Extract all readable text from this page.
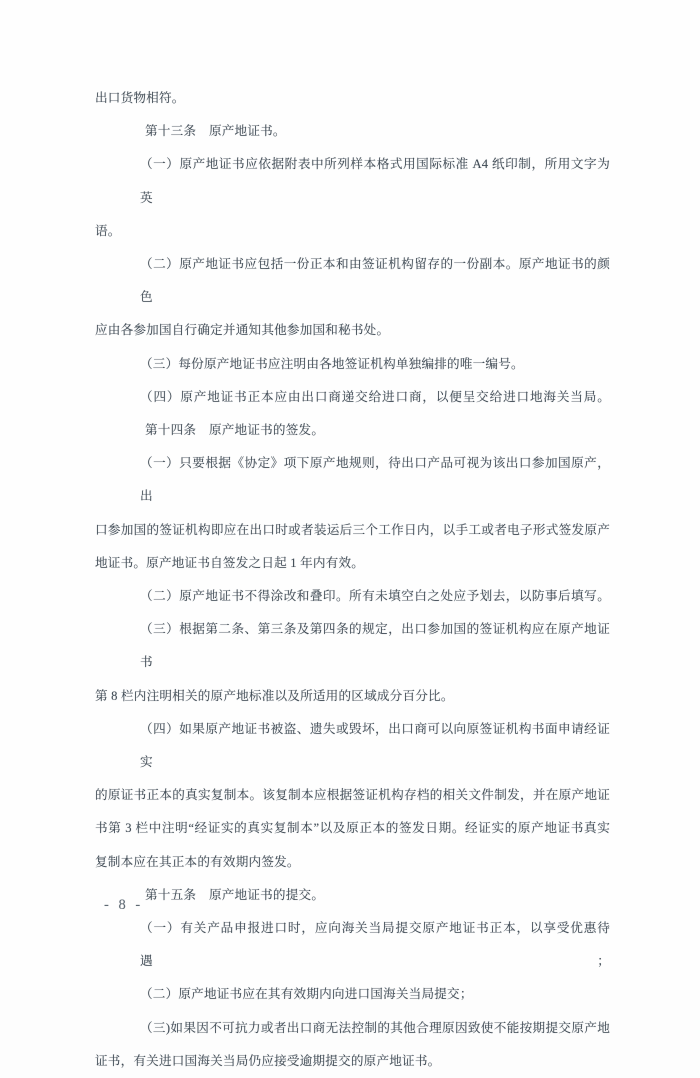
出口货物相符。
第十三条　原产地证书。
（一）原产地证书应依据附表中所列样本格式用国际标准 A4 纸印制，所用文字为英
语。
（二）原产地证书应包括一份正本和由签证机构留存的一份副本。原产地证书的颜色
应由各参加国自行确定并通知其他参加国和秘书处。
（三）每份原产地证书应注明由各地签证机构单独编排的唯一编号。
（四）原产地证书正本应由出口商递交给进口商，以便呈交给进口地海关当局。
第十四条　原产地证书的签发。
（一）只要根据《协定》项下原产地规则，待出口产品可视为该出口参加国原产，出
口参加国的签证机构即应在出口时或者装运后三个工作日内，以手工或者电子形式签发原产
地证书。原产地证书自签发之日起 1 年内有效。
（二）原产地证书不得涂改和叠印。所有未填空白之处应予划去，以防事后填写。
（三）根据第二条、第三条及第四条的规定，出口参加国的签证机构应在原产地证书
第 8 栏内注明相关的原产地标准以及所适用的区域成分百分比。
（四）如果原产地证书被盗、遗失或毁坏，出口商可以向原签证机构书面申请经证实
的原证书正本的真实复制本。该复制本应根据签证机构存档的相关文件制发，并在原产地证
书第 3 栏中注明“经证实的真实复制本”以及原正本的签发日期。经证实的原产地证书真实
复制本应在其正本的有效期内签发。
第十五条　原产地证书的提交。
（一）有关产品申报进口时，应向海关当局提交原产地证书正本，以享受优惠待遇；
（二）原产地证书应在其有效期内向进口国海关当局提交；
（三)如果因不可抗力或者出口商无法控制的其他合理原因致使不能按期提交原产地
证书，有关进口国海关当局仍应接受逾期提交的原产地证书。
- 8 -
